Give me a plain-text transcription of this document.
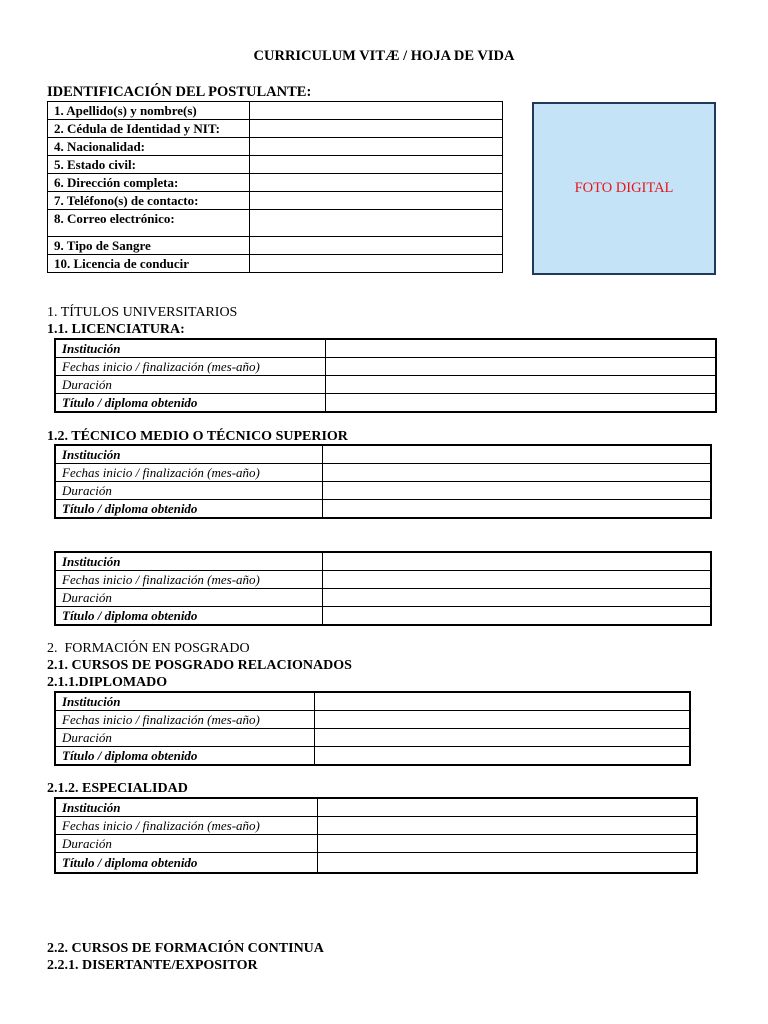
CURRICULUM VITÆ / HOJA DE VIDA
IDENTIFICACIÓN DEL POSTULANTE:
1. Apellido(s) y nombre(s)	
2. Cédula de Identidad y NIT:	
4. Nacionalidad:	
5. Estado civil:	
6. Dirección completa:	
7. Teléfono(s) de contacto:	
8. Correo electrónico:	
9. Tipo de Sangre	
10. Licencia de conducir	
FOTO DIGITAL
1. TÍTULOS UNIVERSITARIOS
1.1. LICENCIATURA:
Institución	
Fechas inicio / finalización (mes-año)	
Duración	
Título / diploma obtenido	
1.2. TÉCNICO MEDIO O TÉCNICO SUPERIOR
Institución	
Fechas inicio / finalización (mes-año)	
Duración	
Título / diploma obtenido	
Institución	
Fechas inicio / finalización (mes-año)	
Duración	
Título / diploma obtenido	
2.  FORMACIÓN EN POSGRADO
2.1. CURSOS DE POSGRADO RELACIONADOS
2.1.1.DIPLOMADO
Institución	
Fechas inicio / finalización (mes-año)	
Duración	
Título / diploma obtenido	
2.1.2. ESPECIALIDAD
Institución	
Fechas inicio / finalización (mes-año)	
Duración	
Título / diploma obtenido	
2.2. CURSOS DE FORMACIÓN CONTINUA
2.2.1. DISERTANTE/EXPOSITOR
